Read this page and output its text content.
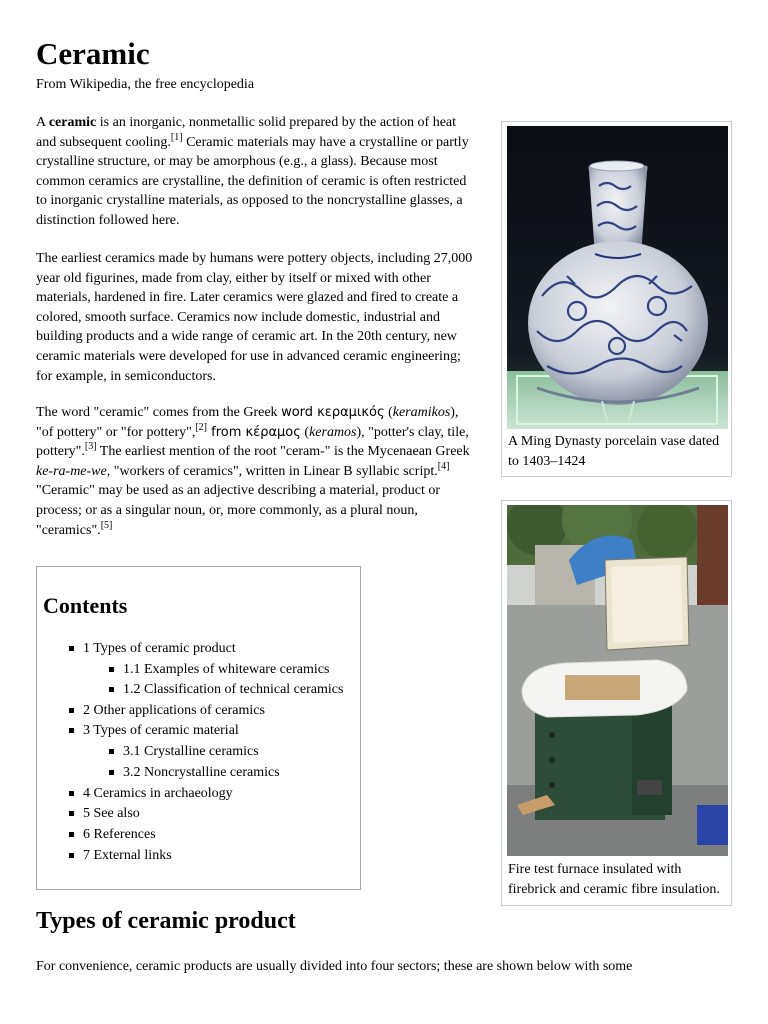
Ceramic
From Wikipedia, the free encyclopedia

A ceramic is an inorganic, nonmetallic solid prepared by the action of heat and subsequent cooling.[1] Ceramic materials may have a crystalline or partly crystalline structure, or may be amorphous (e.g., a glass). Because most common ceramics are crystalline, the definition of ceramic is often restricted to inorganic crystalline materials, as opposed to the noncrystalline glasses, a distinction followed here.

The earliest ceramics made by humans were pottery objects, including 27,000 year old figurines, made from clay, either by itself or mixed with other materials, hardened in fire. Later ceramics were glazed and fired to create a colored, smooth surface. Ceramics now include domestic, industrial and building products and a wide range of ceramic art. In the 20th century, new ceramic materials were developed for use in advanced ceramic engineering; for example, in semiconductors.

The word "ceramic" comes from the Greek word κεραμικός (keramikos), "of pottery" or "for pottery",[2] from κέραμος (keramos), "potter's clay, tile, pottery".[3] The earliest mention of the root "ceram-" is the Mycenaean Greek ke-ra-me-we, "workers of ceramics", written in Linear B syllabic script.[4] "Ceramic" may be used as an adjective describing a material, product or process; or as a singular noun, or, more commonly, as a plural noun, "ceramics".[5]

A Ming Dynasty porcelain vase dated to 1403–1424
Fire test furnace insulated with firebrick and ceramic fibre insulation.
Contents
1 Types of ceramic product
1.1 Examples of whiteware ceramics
1.2 Classification of technical ceramics
2 Other applications of ceramics
3 Types of ceramic material
3.1 Crystalline ceramics
3.2 Noncrystalline ceramics
4 Ceramics in archaeology
5 See also
6 References
7 External links
Types of ceramic product

For convenience, ceramic products are usually divided into four sectors; these are shown below with some
